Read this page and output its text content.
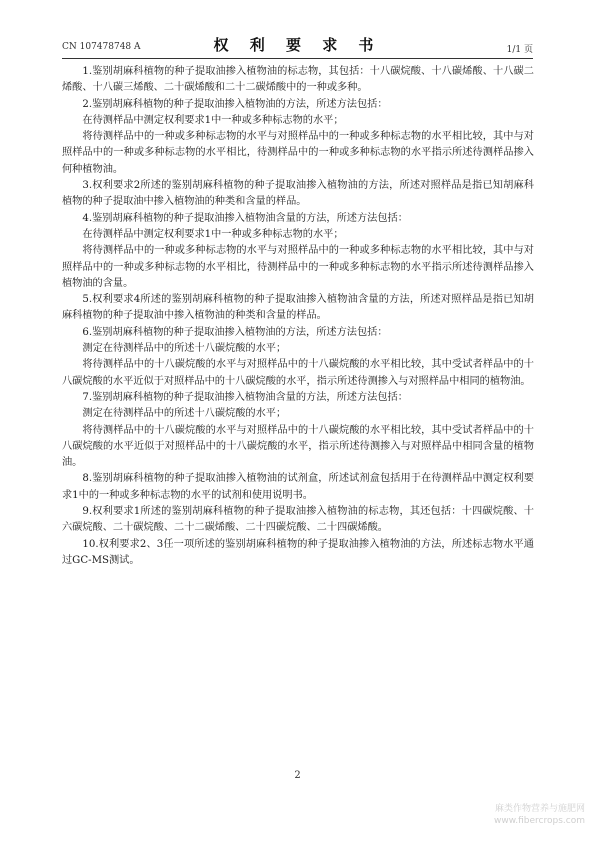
CN 107478748 A	权 利 要 求 书	1/1 页

1.鉴别胡麻科植物的种子提取油掺入植物油的标志物，其包括：十八碳烷酸、十八碳烯酸、十八碳二烯酸、十八碳三烯酸、二十碳烯酸和二十二碳烯酸中的一种或多种。

2.鉴别胡麻科植物的种子提取油掺入植物油的方法，所述方法包括：

在待测样品中测定权利要求1中一种或多种标志物的水平；

将待测样品中的一种或多种标志物的水平与对照样品中的一种或多种标志物的水平相比较，其中与对照样品中的一种或多种标志物的水平相比，待测样品中的一种或多种标志物的水平指示所述待测样品掺入何种植物油。

3.权利要求2所述的鉴别胡麻科植物的种子提取油掺入植物油的方法，所述对照样品是指已知胡麻科植物的种子提取油中掺入植物油的种类和含量的样品。

4.鉴别胡麻科植物的种子提取油掺入植物油含量的方法，所述方法包括：

在待测样品中测定权利要求1中一种或多种标志物的水平；

将待测样品中的一种或多种标志物的水平与对照样品中的一种或多种标志物的水平相比较，其中与对照样品中的一种或多种标志物的水平相比，待测样品中的一种或多种标志物的水平指示所述待测样品掺入植物油的含量。

5.权利要求4所述的鉴别胡麻科植物的种子提取油掺入植物油含量的方法，所述对照样品是指已知胡麻科植物的种子提取油中掺入植物油的种类和含量的样品。

6.鉴别胡麻科植物的种子提取油掺入植物油的方法，所述方法包括：

测定在待测样品中的所述十八碳烷酸的水平；

将待测样品中的十八碳烷酸的水平与对照样品中的十八碳烷酸的水平相比较，其中受试者样品中的十八碳烷酸的水平近似于对照样品中的十八碳烷酸的水平，指示所述待测掺入与对照样品中相同的植物油。

7.鉴别胡麻科植物的种子提取油掺入植物油含量的方法，所述方法包括：

测定在待测样品中的所述十八碳烷酸的水平；

将待测样品中的十八碳烷酸的水平与对照样品中的十八碳烷酸的水平相比较，其中受试者样品中的十八碳烷酸的水平近似于对照样品中的十八碳烷酸的水平，指示所述待测掺入与对照样品中相同含量的植物油。

8.鉴别胡麻科植物的种子提取油掺入植物油的试剂盒，所述试剂盒包括用于在待测样品中测定权利要求1中的一种或多种标志物的水平的试剂和使用说明书。

9.权利要求1所述的鉴别胡麻科植物的种子提取油掺入植物油的标志物，其还包括：十四碳烷酸、十六碳烷酸、二十碳烷酸、二十二碳烯酸、二十四碳烷酸、二十四碳烯酸。

10.权利要求2、3任一项所述的鉴别胡麻科植物的种子提取油掺入植物油的方法，所述标志物水平通过GC-MS测试。

2
麻类作物营养与施肥网
www.fibercrops.com
